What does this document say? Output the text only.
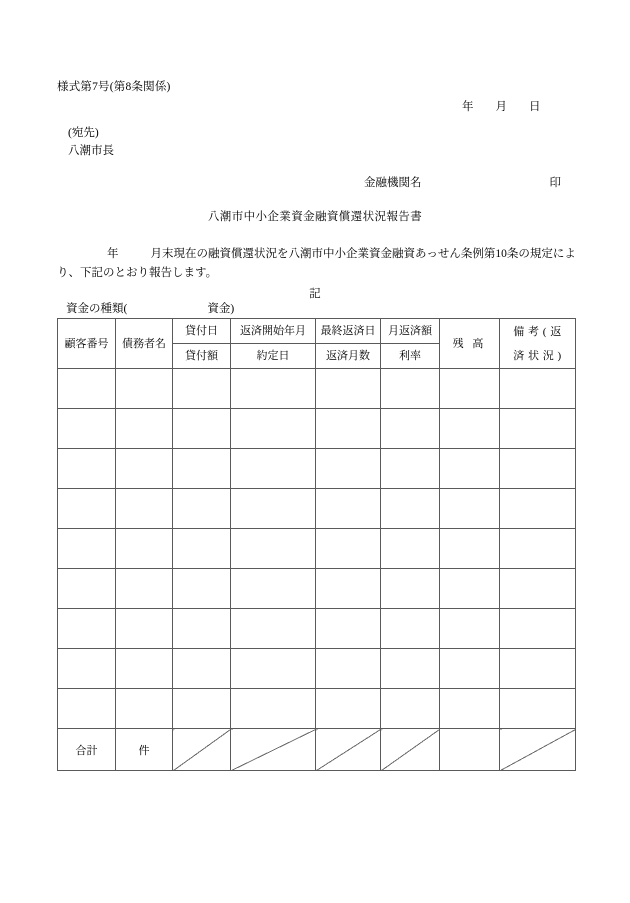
様式第7号(第8条関係)
年 月 日
(宛先)
八潮市長
金融機関名	印
八潮市中小企業資金融資償還状況報告書
年	月末現在の融資償還状況を八潮市中小企業資金融資あっせん条例第10条の規定により、下記のとおり報告します。
記
資金の種類(	資金)
顧客番号	債務者名	貸付日	返済開始年月	最終返済日	月返済額	残 高	備 考 ( 返
済 状 況 )

		貸付額	約定日	返済月数	利率		

合計	件						
